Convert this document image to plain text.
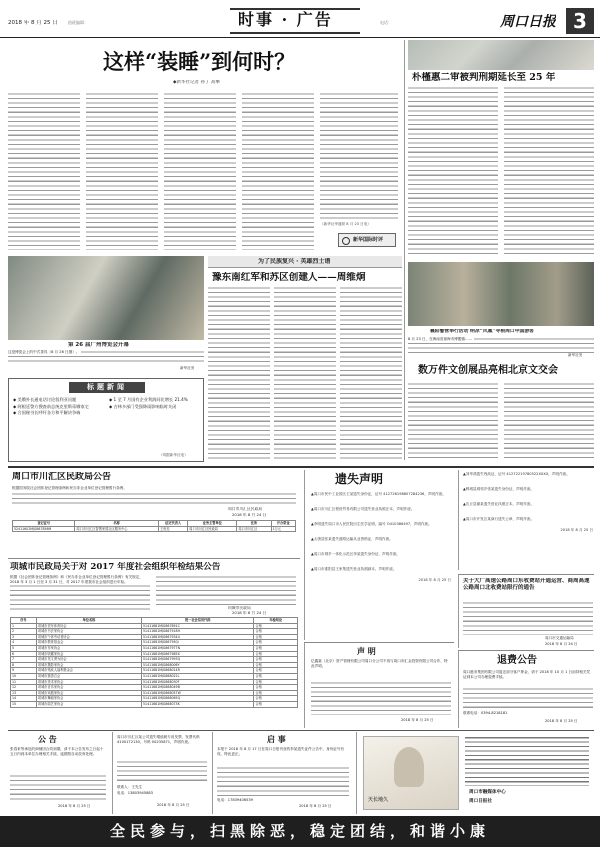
2018 年 8 月 25 日	值班编辑：	时事 · 广告	电话：	周口日报 3
这样“装睡”到何时？
◆新华社记者 孙丁 高攀
（新华社华盛顿 8 月 23 日电）
新华国际时评
朴槿惠二审被判刑期延长至 25 年
第 26 届广州博览会开幕
这是博览会上的中式茶具（8 月 26 日摄）。
新华社发
为了民族复兴 · 英雄烈士谱
豫东南红军和苏区创建人——周维炯
襄阳警营举行活动 纳凉“风凰”寻根周口中国游客
8 月 23 日，在海南省琼海市博鳌镇……
新华社发
数万件文创展品亮相北京文交会
标题新闻
◆ 美俄外长通电话讨论叙利亚问题
◆ 阿根廷警方搜查前总统克里斯蒂娜家宅
◆ 合国秘书长呼吁各方和平解决争端
◆ 1 至 7 月国有企业利润同比增长 21.4%
◆ 吉林多部门受强降雨影响临时关闭
（均据新华社电）
周口市川汇区民政局公告
根据国务院社会团体登记管理条例和民办非企业单位登记管理暂行条例，
周口市川汇区民政局
2018 年 8 月 24 日
登记证号	名称	法定代表人	业务主管单位	住所	开办资金
52411602MJG867856M	周口市川汇区智慧家园社区服务中心	王贵忠	周口市川汇区民政局	周口市川汇区	1万元
项城市民政局关于对 2017 年度社会组织年检结果公告
根据《社会团体登记管理条例》和《民办非企业单位登记管理暂行条例》有关规定，2018 年 3 月 1 日至 3 月 31 日，对 2017 年度我市社会组织进行年检。
项城市民政局
2018 年 8 月 24 日
序号	单位名称	统一社会信用代码	年检结论
1	项城市老年体育协会	51411681MJG867891C	合格
2	项城市书法家协会	51411681MJG867918H	合格
3	项城市个体劳动者协会	51411681MJG867934U	合格
4	项城市教育基金会	51411681MJG867950J	合格
5	项城市作家协会	51411681MJG867977N	合格
6	项城市收藏家协会	51411681MJG867985X	合格
7	项城市见义勇为协会	51411681MJG867993Q	合格
8	项城市摄影家协会	51411681MJG868006Y	合格
9	项城市残疾人福利基金会	51411681MJG868014R	合格
10	项城市慈善总会	51411681MJG868022L	合格
11	项城市美术家协会	51411681MJG868030F	合格
12	项城市音乐家协会	51411681MJG868049B	合格
13	项城市戏剧家协会	51411681MJG868057W	合格
14	项城市舞蹈家协会	51411681MJG868065Q	合格
15	项城市曲艺家协会	51411681MJG868073K	合格
遗失声明
▲周口市民中工业园区王某遗失身份证，证号 412726198807284236，声明作废。
▲周口市川汇区程营贸易有限公司遗失营业执照正本，声明作废。
▲李明遗失周口市人民医院出生医学证明，编号 O410386497，声明作废。
▲太康县张某遗失道路运输从业资格证，声明作废。
▲周口市城乡一体化示范区李某遗失身份证，声明作废。
▲周口市淮阳县王家集遗失营业执照副本，声明作废。
2018 年 8 月 25 日
▲刘华鸿遗失残疾证，证号 41272219780522XXXX，声明作废。
▲郸城县城郊乡张某遗失身份证，声明作废。
▲沈丘县谢某遗失营业执照正本，声明作废。
▲周口市开发区某商行遗失公章，声明作废。
2018 年 8 月 25 日
声 明
亿鑫嘉（北京）资产管理有限公司周口分公司不再与周口市汇金投资有限公司合作，特此声明。
2018 年 8 月 25 日
关于大广高速公路周口东收费站开通运营、商周高速公路周口北收费站限行的通告
周口市交通运输局
2018 年 8 月 24 日
退费公告
周口港务集团有限公司退还部分客户押金，请于 2018 年 10 月 1 日前持相关凭证到本公司办理退费手续。
联系电话：0394-8218181
2018 年 8 月 25 日
公 告
张春来等承包的商铺因合同到期，请于本公告发布之日起十五日内到本单位办理相关手续，逾期按自动放弃处理。
2018 年 8 月 25 日
周口市川汇区某公司遗失增值税专用发票，发票代码 4100172130，号码 00235871，声明作废。
联系人：王先生
电话：13803945883
2018 年 8 月 25 日
启 事
本报于 2018 年 8 月 17 日在周口日报刊登的李某遗失证件公告中，身份证号有误，特此更正。
电话：17839406539
2018 年 8 月 25 日
天长地久
周口市融媒体中心
周口日报社
全民参与，扫黑除恶，稳定团结，和谐小康
